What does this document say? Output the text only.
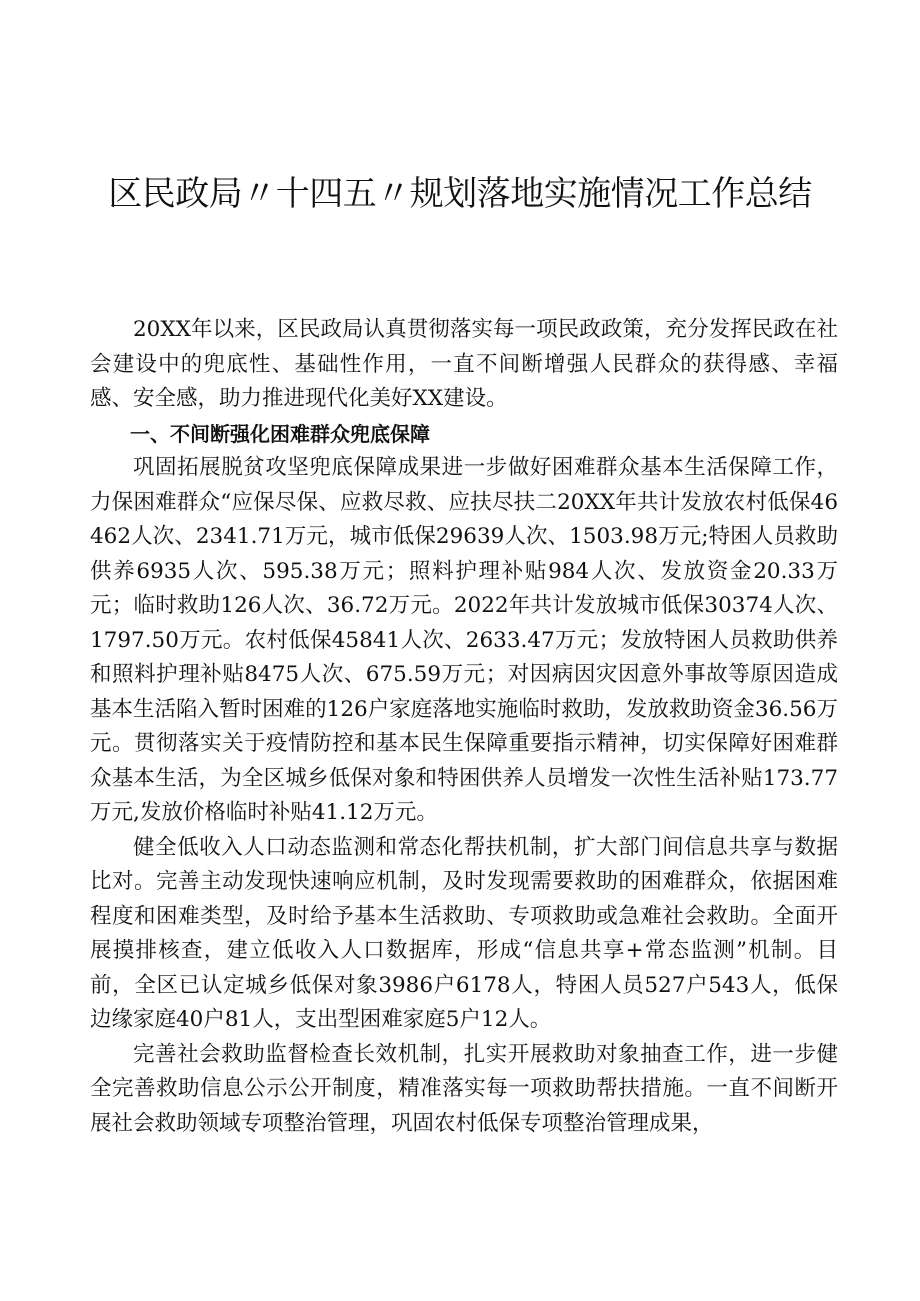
区民政局〃十四五〃规划落地实施情况工作总结

20XX年以来，区民政局认真贯彻落实每一项民政政策，充分发挥民政在社会建设中的兜底性、基础性作用，一直不间断增强人民群众的获得感、幸福感、安全感，助力推进现代化美好XX建设。

一、不间断强化困难群众兜底保障

巩固拓展脱贫攻坚兜底保障成果进一步做好困难群众基本生活保障工作，力保困难群众“应保尽保、应救尽救、应扶尽扶二20XX年共计发放农村低保46462人次、2341.71万元，城市低保29639人次、1503.98万元;特困人员救助供养6935人次、595.38万元；照料护理补贴984人次、发放资金20.33万元；临时救助126人次、36.72万元。2022年共计发放城市低保30374人次、1797.50万元。农村低保45841人次、2633.47万元；发放特困人员救助供养和照料护理补贴8475人次、675.59万元；对因病因灾因意外事故等原因造成基本生活陷入暂时困难的126户家庭落地实施临时救助，发放救助资金36.56万元。贯彻落实关于疫情防控和基本民生保障重要指示精神，切实保障好困难群众基本生活，为全区城乡低保对象和特困供养人员增发一次性生活补贴173.77万元,发放价格临时补贴41.12万元。

健全低收入人口动态监测和常态化帮扶机制，扩大部门间信息共享与数据比对。完善主动发现快速响应机制，及时发现需要救助的困难群众，依据困难程度和困难类型，及时给予基本生活救助、专项救助或急难社会救助。全面开展摸排核查，建立低收入人口数据库，形成“信息共享+常态监测”机制。目前，全区已认定城乡低保对象3986户6178人，特困人员527户543人，低保边缘家庭40户81人，支出型困难家庭5户12人。

完善社会救助监督检查长效机制，扎实开展救助对象抽查工作，进一步健全完善救助信息公示公开制度，精准落实每一项救助帮扶措施。一直不间断开展社会救助领域专项整治管理，巩固农村低保专项整治管理成果，
